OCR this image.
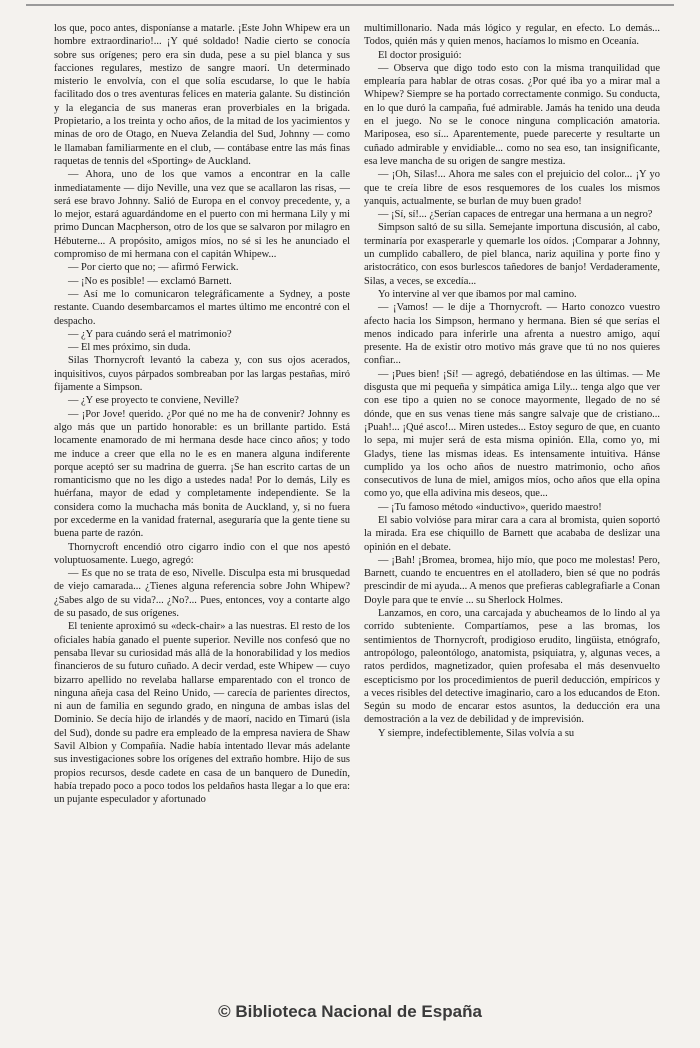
los que, poco antes, disponíanse a matarle. ¡Este John Whipew era un hombre extraordinario!... ¡Y qué soldado! Nadie cierto se conocía sobre sus orígenes; pero era sin duda, pese a su piel blanca y sus facciones regulares, mestizo de sangre maorí. Un determinado misterio le envolvía, con el que solía escudarse, lo que le había facilitado dos o tres aventuras felices en materia galante. Su distinción y la elegancia de sus maneras eran proverbiales en la brigada. Propietario, a los treinta y ocho años, de la mitad de los yacimientos y minas de oro de Otago, en Nueva Zelandia del Sud, Johnny — como le llamaban familiarmente en el club, — contábase entre las más finas raquetas de tennis del «Sporting» de Auckland.

— Ahora, uno de los que vamos a encontrar en la calle inmediatamente — dijo Neville, una vez que se acallaron las risas, — será ese bravo Johnny. Salió de Europa en el convoy precedente, y, a lo mejor, estará aguardándome en el puerto con mi hermana Lily y mi primo Duncan Macpherson, otro de los que se salvaron por milagro en Hébuterne... A propósito, amigos míos, no sé si les he anunciado el compromiso de mi hermana con el capitán Whipew...

— Por cierto que no; — afirmó Ferwick.

— ¡No es posible! — exclamó Barnett.

— Así me lo comunicaron telegráficamente a Sydney, a poste restante. Cuando desembarcamos el martes último me encontré con el despacho.

— ¿Y para cuándo será el matrimonio?

— El mes próximo, sin duda.

Silas Thornycroft levantó la cabeza y, con sus ojos acerados, inquisitivos, cuyos párpados sombreaban por las largas pestañas, miró fijamente a Simpson.

— ¿Y ese proyecto te conviene, Neville?

— ¡Por Jove! querido. ¿Por qué no me ha de convenir? Johnny es algo más que un partido honorable: es un brillante partido. Está locamente enamorado de mi hermana desde hace cinco años; y todo me induce a creer que ella no le es en manera alguna indiferente porque aceptó ser su madrina de guerra. ¡Se han escrito cartas de un romanticismo que no les digo a ustedes nada! Por lo demás, Lily es huérfana, mayor de edad y completamente independiente. Se la considera como la muchacha más bonita de Auckland, y, si no fuera por excederme en la vanidad fraternal, aseguraría que la gente tiene su buena parte de razón.

Thornycroft encendió otro cigarro indio con el que nos apestó voluptuosamente. Luego, agregó:

— Es que no se trata de eso, Nivelle. Disculpa esta mi brusquedad de viejo camarada... ¿Tienes alguna referencia sobre John Whipew? ¿Sabes algo de su vida?... ¿No?... Pues, entonces, voy a contarte algo de su pasado, de sus orígenes.

El teniente aproximó su «deck-chair» a las nuestras. El resto de los oficiales había ganado el puente superior. Neville nos confesó que no pensaba llevar su curiosidad más allá de la honorabilidad y los medios financieros de su futuro cuñado. A decir verdad, este Whipew — cuyo bizarro apellido no revelaba hallarse emparentado con el tronco de ninguna añeja casa del Reino Unido, — carecía de parientes directos, ni aun de familia en segundo grado, en ninguna de ambas islas del Dominio. Se decía hijo de irlandés y de maorí, nacido en Timarú (isla del Sud), donde su padre era empleado de la empresa naviera de Shaw Savil Albion y Compañía. Nadie había intentado llevar más adelante sus investigaciones sobre los orígenes del extraño hombre. Hijo de sus propios recursos, desde cadete en casa de un banquero de Dunedín, había trepado poco a poco todos los peldaños hasta llegar a lo que era: un pujante especulador y afortunado

multimillonario. Nada más lógico y regular, en efecto. Lo demás... Todos, quién más y quien menos, hacíamos lo mismo en Oceanía.

El doctor prosiguió:

— Observa que digo todo esto con la misma tranquilidad que emplearía para hablar de otras cosas. ¿Por qué iba yo a mirar mal a Whipew? Siempre se ha portado correctamente conmigo. Su conducta, en lo que duró la campaña, fué admirable. Jamás ha tenido una deuda en el juego. No se le conoce ninguna complicación amatoria. Mariposea, eso sí... Aparentemente, puede parecerte y resultarte un cuñado admirable y envidiable... como no sea eso, tan insignificante, esa leve mancha de su origen de sangre mestiza.

— ¡Oh, Silas!... Ahora me sales con el prejuicio del color... ¡Y yo que te creía libre de esos resquemores de los cuales los mismos yanquis, actualmente, se burlan de muy buen grado!

— ¡Sí, sí!... ¿Serían capaces de entregar una hermana a un negro?

Simpson saltó de su silla. Semejante importuna discusión, al cabo, terminaría por exasperarle y quemarle los oídos. ¡Comparar a Johnny, un cumplido caballero, de piel blanca, nariz aquilina y porte fino y aristocrático, con esos burlescos tañedores de banjo! Verdaderamente, Silas, a veces, se excedía...

Yo intervine al ver que íbamos por mal camino.

— ¡Vamos! — le dije a Thornycroft. — Harto conozco vuestro afecto hacia los Simpson, hermano y hermana. Bien sé que serías el menos indicado para inferirle una afrenta a nuestro amigo, aquí presente. Ha de existir otro motivo más grave que tú no nos quieres confiar...

— ¡Pues bien! ¡Sí! — agregó, debatiéndose en las últimas. — Me disgusta que mi pequeña y simpática amiga Lily... tenga algo que ver con ese tipo a quien no se conoce mayormente, llegado de no sé dónde, que en sus venas tiene más sangre salvaje que de cristiano... ¡Puah!... ¡Qué asco!... Miren ustedes... Estoy seguro de que, en cuanto lo sepa, mi mujer será de esta misma opinión. Ella, como yo, mi Gladys, tiene las mismas ideas. Es intensamente intuitiva. Hánse cumplido ya los ocho años de nuestro matrimonio, ocho años consecutivos de luna de miel, amigos míos, ocho años que ella opina como yo, que ella adivina mis deseos, que...

— ¡Tu famoso método «inductivo», querido maestro!

El sabio volvióse para mirar cara a cara al bromista, quien soportó la mirada. Era ese chiquillo de Barnett que acababa de deslizar una opinión en el debate.

— ¡Bah! ¡Bromea, bromea, hijo mío, que poco me molestas! Pero, Barnett, cuando te encuentres en el atolladero, bien sé que no podrás prescindir de mi ayuda... A menos que prefieras cablegrafiarle a Conan Doyle para que te envíe ... su Sherlock Holmes.

Lanzamos, en coro, una carcajada y abucheamos de lo lindo al ya corrido subteniente. Compartíamos, pese a las bromas, los sentimientos de Thornycroft, prodigioso erudito, lingüista, etnógrafo, antropólogo, paleontólogo, anatomista, psiquiatra, y, algunas veces, a ratos perdidos, magnetizador, quien profesaba el más desenvuelto escepticismo por los procedimientos de pueril deducción, empíricos y a veces risibles del detective imaginario, caro a los educandos de Eton. Según su modo de encarar estos asuntos, la deducción era una demostración a la vez de debilidad y de imprevisión.

Y siempre, indefectiblemente, Silas volvía a su

© Biblioteca Nacional de España
